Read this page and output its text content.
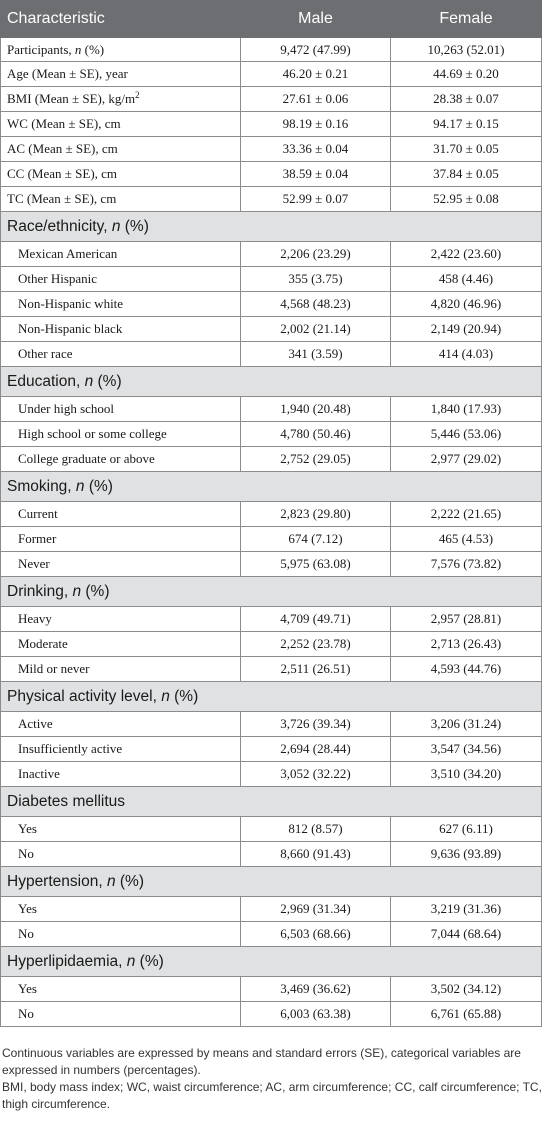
Characteristic	Male	Female
Participants, n (%)	9,472 (47.99)	10,263 (52.01)
Age (Mean ± SE), year	46.20 ± 0.21	44.69 ± 0.20
BMI (Mean ± SE), $kg/m^2$	27.61 ± 0.06	28.38 ± 0.07
WC (Mean ± SE), cm	98.19 ± 0.16	94.17 ± 0.15
AC (Mean ± SE), cm	33.36 ± 0.04	31.70 ± 0.05
CC (Mean ± SE), cm	38.59 ± 0.04	37.84 ± 0.05
TC (Mean ± SE), cm	52.99 ± 0.07	52.95 ± 0.08
Race/ethnicity, n (%)		
Mexican American	2,206 (23.29)	2,422 (23.60)
Other Hispanic	355 (3.75)	458 (4.46)
Non-Hispanic white	4,568 (48.23)	4,820 (46.96)
Non-Hispanic black	2,002 (21.14)	2,149 (20.94)
Other race	341 (3.59)	414 (4.03)
Education, n (%)		
Under high school	1,940 (20.48)	1,840 (17.93)
High school or some college	4,780 (50.46)	5,446 (53.06)
College graduate or above	2,752 (29.05)	2,977 (29.02)
Smoking, n (%)		
Current	2,823 (29.80)	2,222 (21.65)
Former	674 (7.12)	465 (4.53)
Never	5,975 (63.08)	7,576 (73.82)
Drinking, n (%)		
Heavy	4,709 (49.71)	2,957 (28.81)
Moderate	2,252 (23.78)	2,713 (26.43)
Mild or never	2,511 (26.51)	4,593 (44.76)
Physical activity level, n (%)		
Active	3,726 (39.34)	3,206 (31.24)
Insufficiently active	2,694 (28.44)	3,547 (34.56)
Inactive	3,052 (32.22)	3,510 (34.20)
Diabetes mellitus		
Yes	812 (8.57)	627 (6.11)
No	8,660 (91.43)	9,636 (93.89)
Hypertension, n (%)		
Yes	2,969 (31.34)	3,219 (31.36)
No	6,503 (68.66)	7,044 (68.64)
Hyperlipidaemia, n (%)		
Yes	3,469 (36.62)	3,502 (34.12)
No	6,003 (63.38)	6,761 (65.88)

Continuous variables are expressed by means and standard errors (SE), categorical variables are expressed in numbers (percentages).

BMI, body mass index; WC, waist circumference; AC, arm circumference; CC, calf circumference; TC, thigh circumference.
